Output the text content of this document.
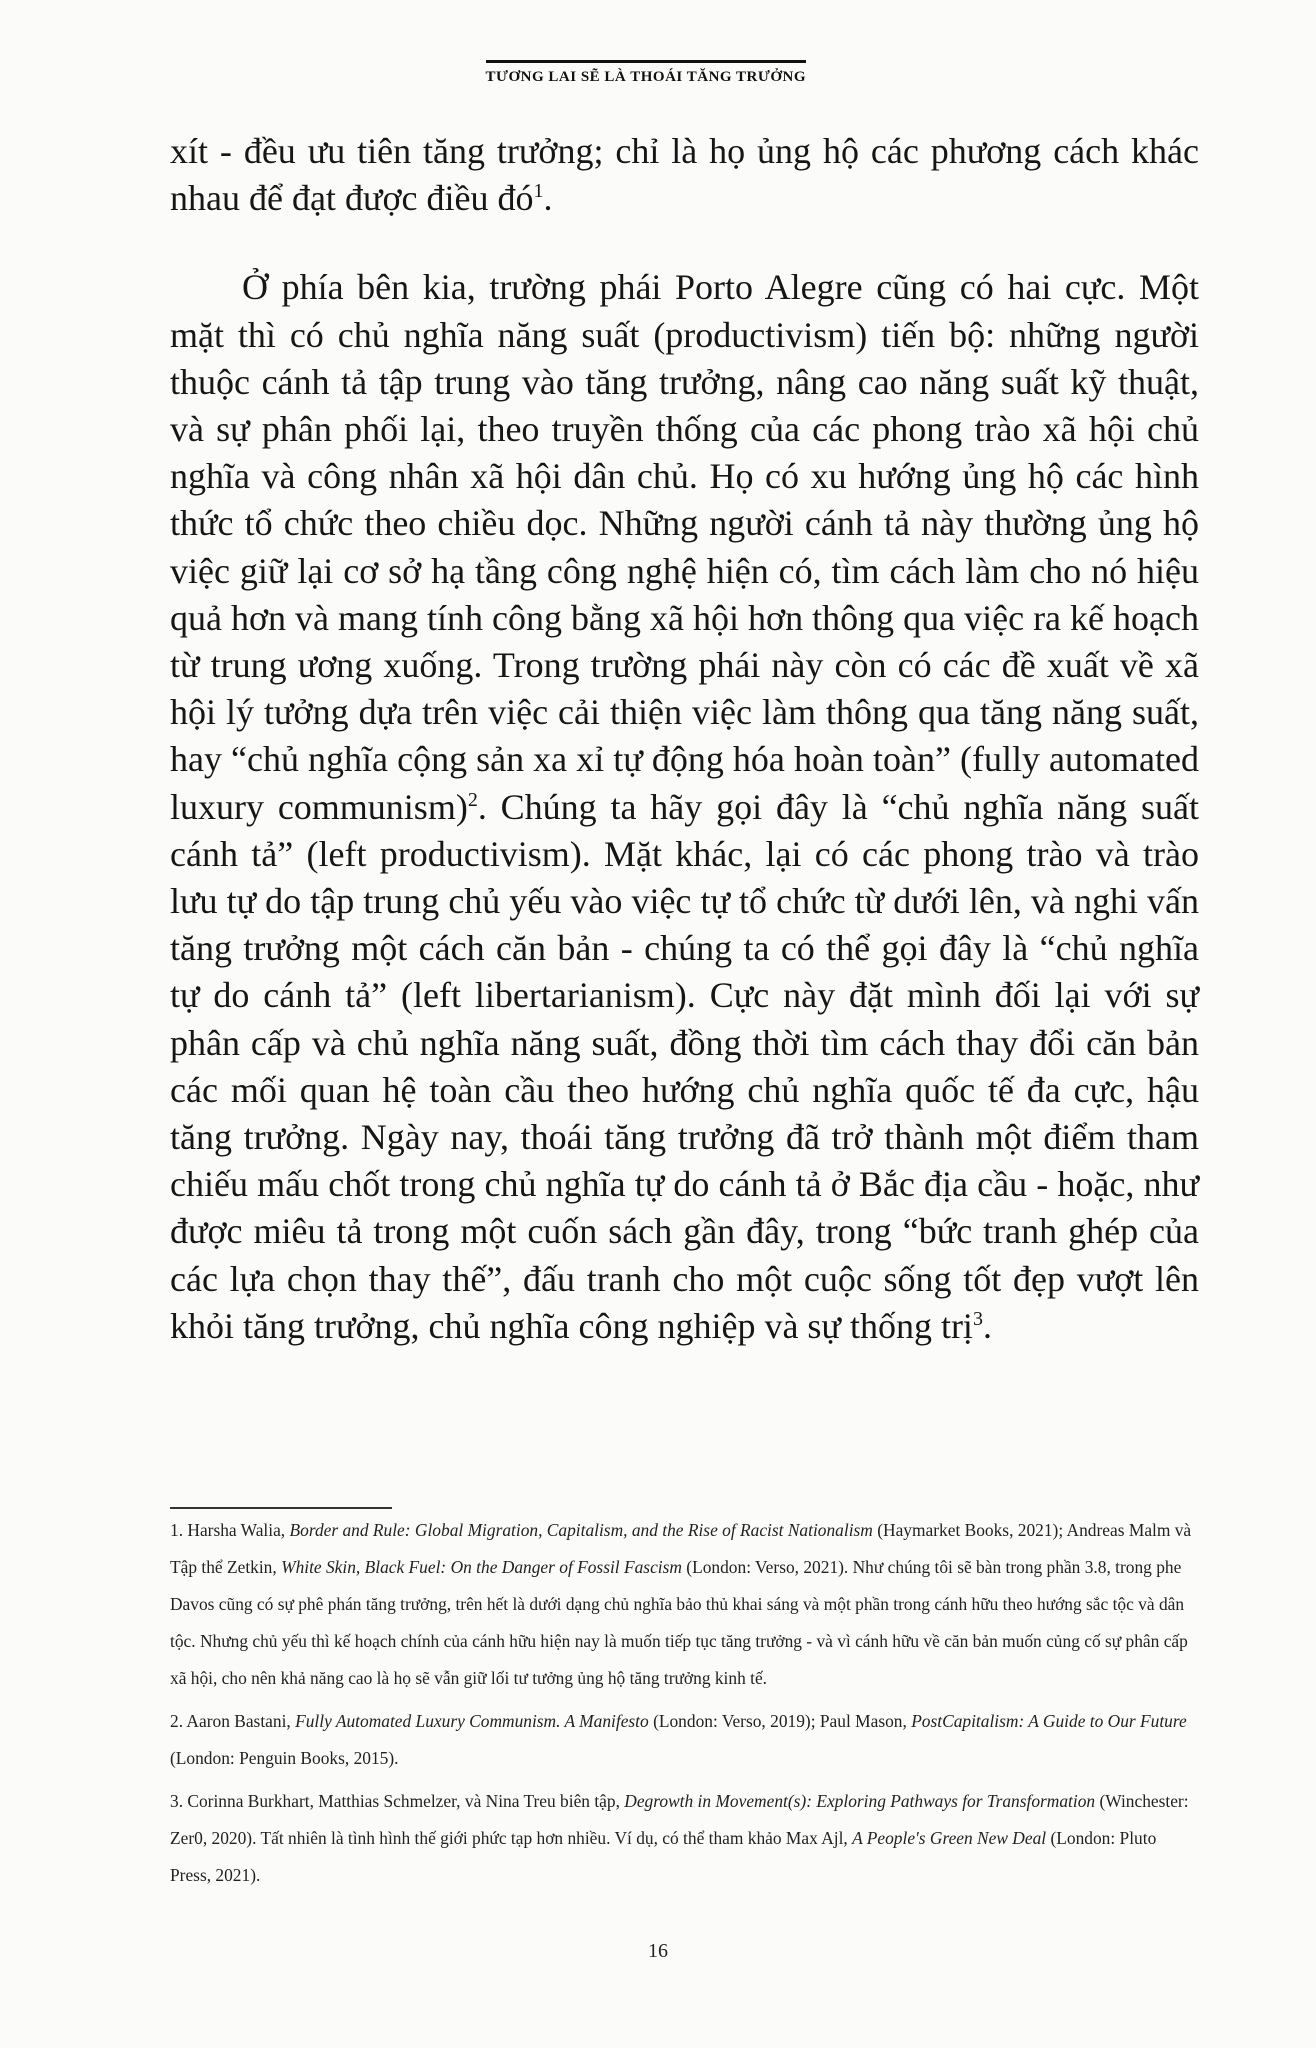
TƯƠNG LAI SẼ LÀ THOÁI TĂNG TRƯỞNG

xít - đều ưu tiên tăng trưởng; chỉ là họ ủng hộ các phương cách khác nhau để đạt được điều $đó^1$.

Ở phía bên kia, trường phái Porto Alegre cũng có hai cực. Một mặt thì có chủ nghĩa năng suất (productivism) tiến bộ: những người thuộc cánh tả tập trung vào tăng trưởng, nâng cao năng suất kỹ thuật, và sự phân phối lại, theo truyền thống của các phong trào xã hội chủ nghĩa và công nhân xã hội dân chủ. Họ có xu hướng ủng hộ các hình thức tổ chức theo chiều dọc. Những người cánh tả này thường ủng hộ việc giữ lại cơ sở hạ tầng công nghệ hiện có, tìm cách làm cho nó hiệu quả hơn và mang tính công bằng xã hội hơn thông qua việc ra kế hoạch từ trung ương xuống. Trong trường phái này còn có các đề xuất về xã hội lý tưởng dựa trên việc cải thiện việc làm thông qua tăng năng suất, hay “chủ nghĩa cộng sản xa xỉ tự động hóa hoàn toàn” (fully automated luxury communism)$^2$. Chúng ta hãy gọi đây là “chủ nghĩa năng suất cánh tả” (left productivism). Mặt khác, lại có các phong trào và trào lưu tự do tập trung chủ yếu vào việc tự tổ chức từ dưới lên, và nghi vấn tăng trưởng một cách căn bản - chúng ta có thể gọi đây là “chủ nghĩa tự do cánh tả” (left libertarianism). Cực này đặt mình đối lại với sự phân cấp và chủ nghĩa năng suất, đồng thời tìm cách thay đổi căn bản các mối quan hệ toàn cầu theo hướng chủ nghĩa quốc tế đa cực, hậu tăng trưởng. Ngày nay, thoái tăng trưởng đã trở thành một điểm tham chiếu mấu chốt trong chủ nghĩa tự do cánh tả ở Bắc địa cầu - hoặc, như được miêu tả trong một cuốn sách gần đây, trong “bức tranh ghép của các lựa chọn thay thế”, đấu tranh cho một cuộc sống tốt đẹp vượt lên khỏi tăng trưởng, chủ nghĩa công nghiệp và sự thống trị$^3$.

1. Harsha Walia, Border and Rule: Global Migration, Capitalism, and the Rise of Racist Nationalism (Haymarket Books, 2021); Andreas Malm và Tập thể Zetkin, White Skin, Black Fuel: On the Danger of Fossil Fascism (London: Verso, 2021). Như chúng tôi sẽ bàn trong phần 3.8, trong phe Davos cũng có sự phê phán tăng trưởng, trên hết là dưới dạng chủ nghĩa bảo thủ khai sáng và một phần trong cánh hữu theo hướng sắc tộc và dân tộc. Nhưng chủ yếu thì kế hoạch chính của cánh hữu hiện nay là muốn tiếp tục tăng trưởng - và vì cánh hữu về căn bản muốn củng cố sự phân cấp xã hội, cho nên khả năng cao là họ sẽ vẫn giữ lối tư tưởng ủng hộ tăng trưởng kinh tế.

2. Aaron Bastani, Fully Automated Luxury Communism. A Manifesto (London: Verso, 2019); Paul Mason, PostCapitalism: A Guide to Our Future (London: Penguin Books, 2015).

3. Corinna Burkhart, Matthias Schmelzer, và Nina Treu biên tập, Degrowth in Movement(s): Exploring Pathways for Transformation (Winchester: Zer0, 2020). Tất nhiên là tình hình thế giới phức tạp hơn nhiều. Ví dụ, có thể tham khảo Max Ajl, A People's Green New Deal (London: Pluto Press, 2021).

16
